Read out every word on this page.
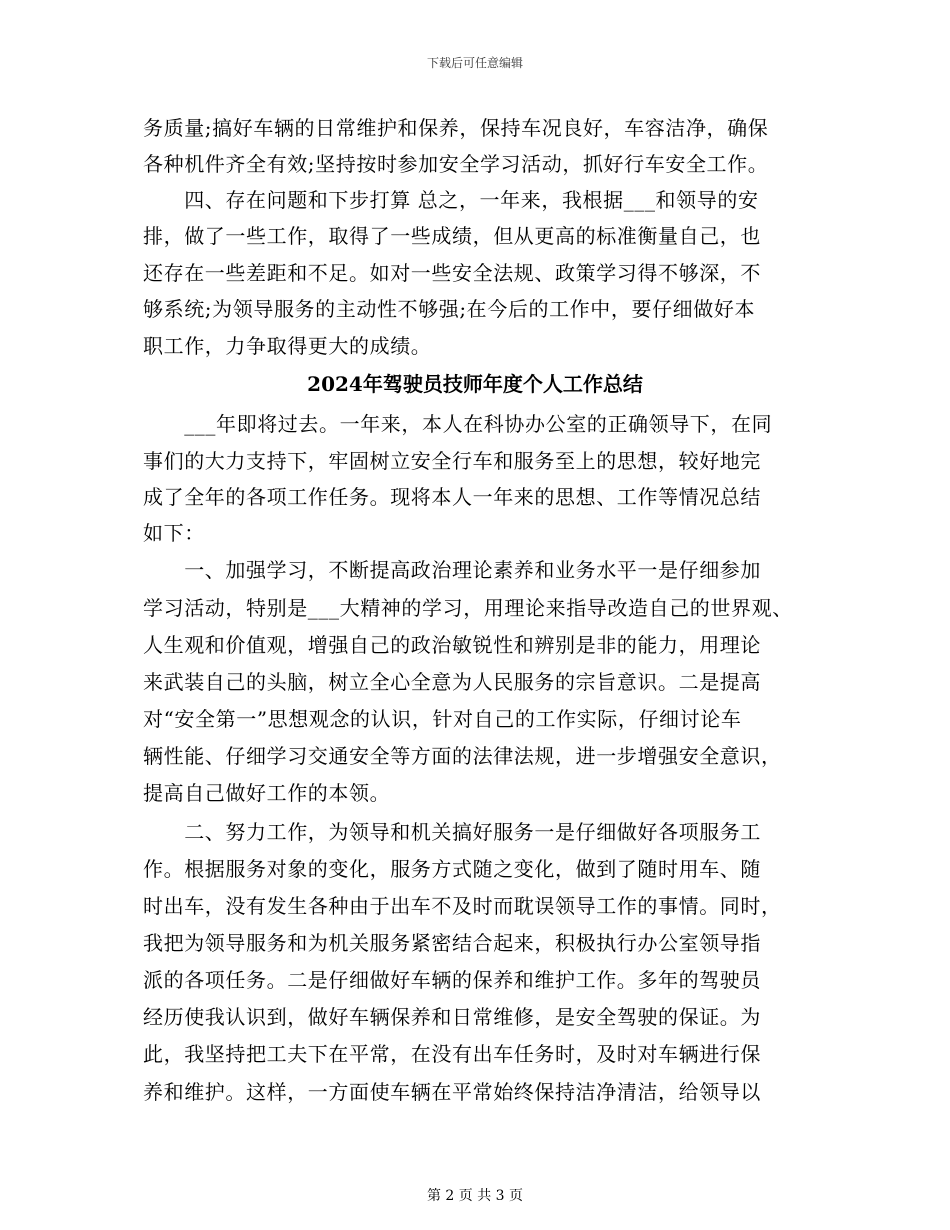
下载后可任意编辑
务质量;搞好车辆的日常维护和保养，保持车况良好，车容洁净，确保
各种机件齐全有效;坚持按时参加安全学习活动，抓好行车安全工作。
　　四、存在问题和下步打算 总之，一年来，我根据___和领导的安
排，做了一些工作，取得了一些成绩，但从更高的标准衡量自己，也
还存在一些差距和不足。如对一些安全法规、政策学习得不够深，不
够系统;为领导服务的主动性不够强;在今后的工作中，要仔细做好本
职工作，力争取得更大的成绩。
2024年驾驶员技师年度个人工作总结
　　___年即将过去。一年来，本人在科协办公室的正确领导下，在同
事们的大力支持下，牢固树立安全行车和服务至上的思想，较好地完
成了全年的各项工作任务。现将本人一年来的思想、工作等情况总结
如下：
　　一、加强学习，不断提高政治理论素养和业务水平一是仔细参加
学习活动，特别是___大精神的学习，用理论来指导改造自己的世界观、
人生观和价值观，增强自己的政治敏锐性和辨别是非的能力，用理论
来武装自己的头脑，树立全心全意为人民服务的宗旨意识。二是提高
对“安全第一”思想观念的认识，针对自己的工作实际，仔细讨论车
辆性能、仔细学习交通安全等方面的法律法规，进一步增强安全意识，
提高自己做好工作的本领。
　　二、努力工作，为领导和机关搞好服务一是仔细做好各项服务工
作。根据服务对象的变化，服务方式随之变化，做到了随时用车、随
时出车，没有发生各种由于出车不及时而耽误领导工作的事情。同时，
我把为领导服务和为机关服务紧密结合起来，积极执行办公室领导指
派的各项任务。二是仔细做好车辆的保养和维护工作。多年的驾驶员
经历使我认识到，做好车辆保养和日常维修，是安全驾驶的保证。为
此，我坚持把工夫下在平常，在没有出车任务时，及时对车辆进行保
养和维护。这样，一方面使车辆在平常始终保持洁净清洁，给领导以
第 2 页 共 3 页
